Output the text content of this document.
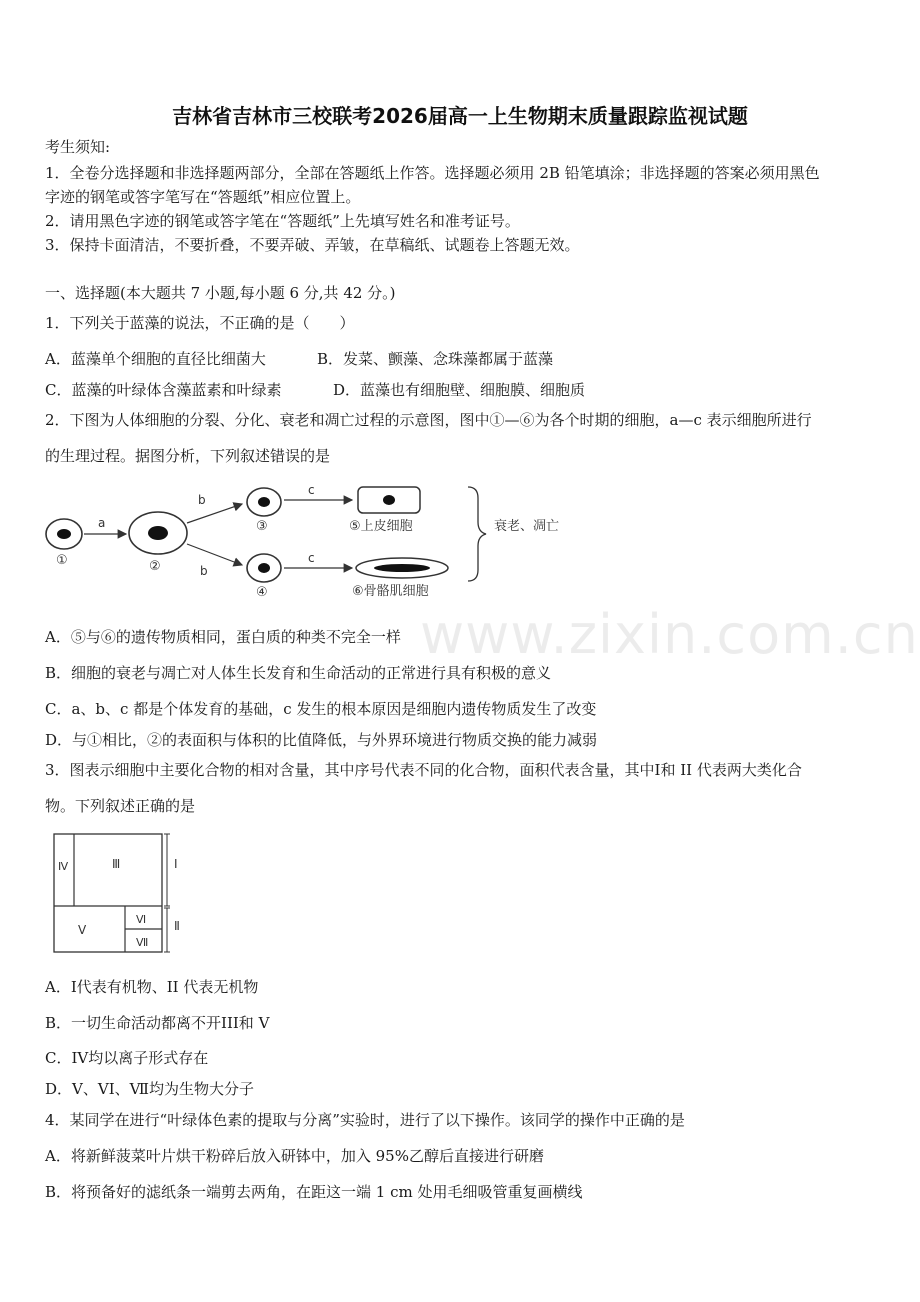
吉林省吉林市三校联考2026届高一上生物期末质量跟踪监视试题
考生须知:
1．全卷分选择题和非选择题两部分，全部在答题纸上作答。选择题必须用 2B 铅笔填涂；非选择题的答案必须用黑色
字迹的钢笔或答字笔写在“答题纸”相应位置上。
2．请用黑色字迹的钢笔或答字笔在“答题纸”上先填写姓名和准考证号。
3．保持卡面清洁，不要折叠，不要弄破、弄皱，在草稿纸、试题卷上答题无效。
一、选择题(本大题共 7 小题,每小题 6 分,共 42 分。)
1．下列关于蓝藻的说法，不正确的是（　　）
A．蓝藻单个细胞的直径比细菌大	B．发菜、颤藻、念珠藻都属于蓝藻
C．蓝藻的叶绿体含藻蓝素和叶绿素	D．蓝藻也有细胞壁、细胞膜、细胞质
2．下图为人体细胞的分裂、分化、衰老和凋亡过程的示意图，图中①—⑥为各个时期的细胞，a—c 表示细胞所进行
的生理过程。据图分析，下列叙述错误的是
①
a
②
b
b
③
④
c
c
⑤上皮细胞
⑥骨骼肌细胞
衰老、凋亡
www.zixin.com.cn
A．⑤与⑥的遗传物质相同，蛋白质的种类不完全一样
B．细胞的衰老与凋亡对人体生长发育和生命活动的正常进行具有积极的意义
C．a、b、c 都是个体发育的基础，c 发生的根本原因是细胞内遗传物质发生了改变
D．与①相比，②的表面积与体积的比值降低，与外界环境进行物质交换的能力减弱
3．图表示细胞中主要化合物的相对含量，其中序号代表不同的化合物，面积代表含量，其中Ⅰ和 II 代表两大类化合
物。下列叙述正确的是
Ⅳ	Ⅲ
Ⅴ
Ⅵ
Ⅶ
Ⅰ
Ⅱ
A．I代表有机物、II 代表无机物
B．一切生命活动都离不开III和 V
C．IV均以离子形式存在
D．V、VI、Ⅶ均为生物大分子
4．某同学在进行“叶绿体色素的提取与分离”实验时，进行了以下操作。该同学的操作中正确的是
A．将新鲜菠菜叶片烘干粉碎后放入研钵中，加入 95%乙醇后直接进行研磨
B．将预备好的滤纸条一端剪去两角，在距这一端 1 cm 处用毛细吸管重复画横线
